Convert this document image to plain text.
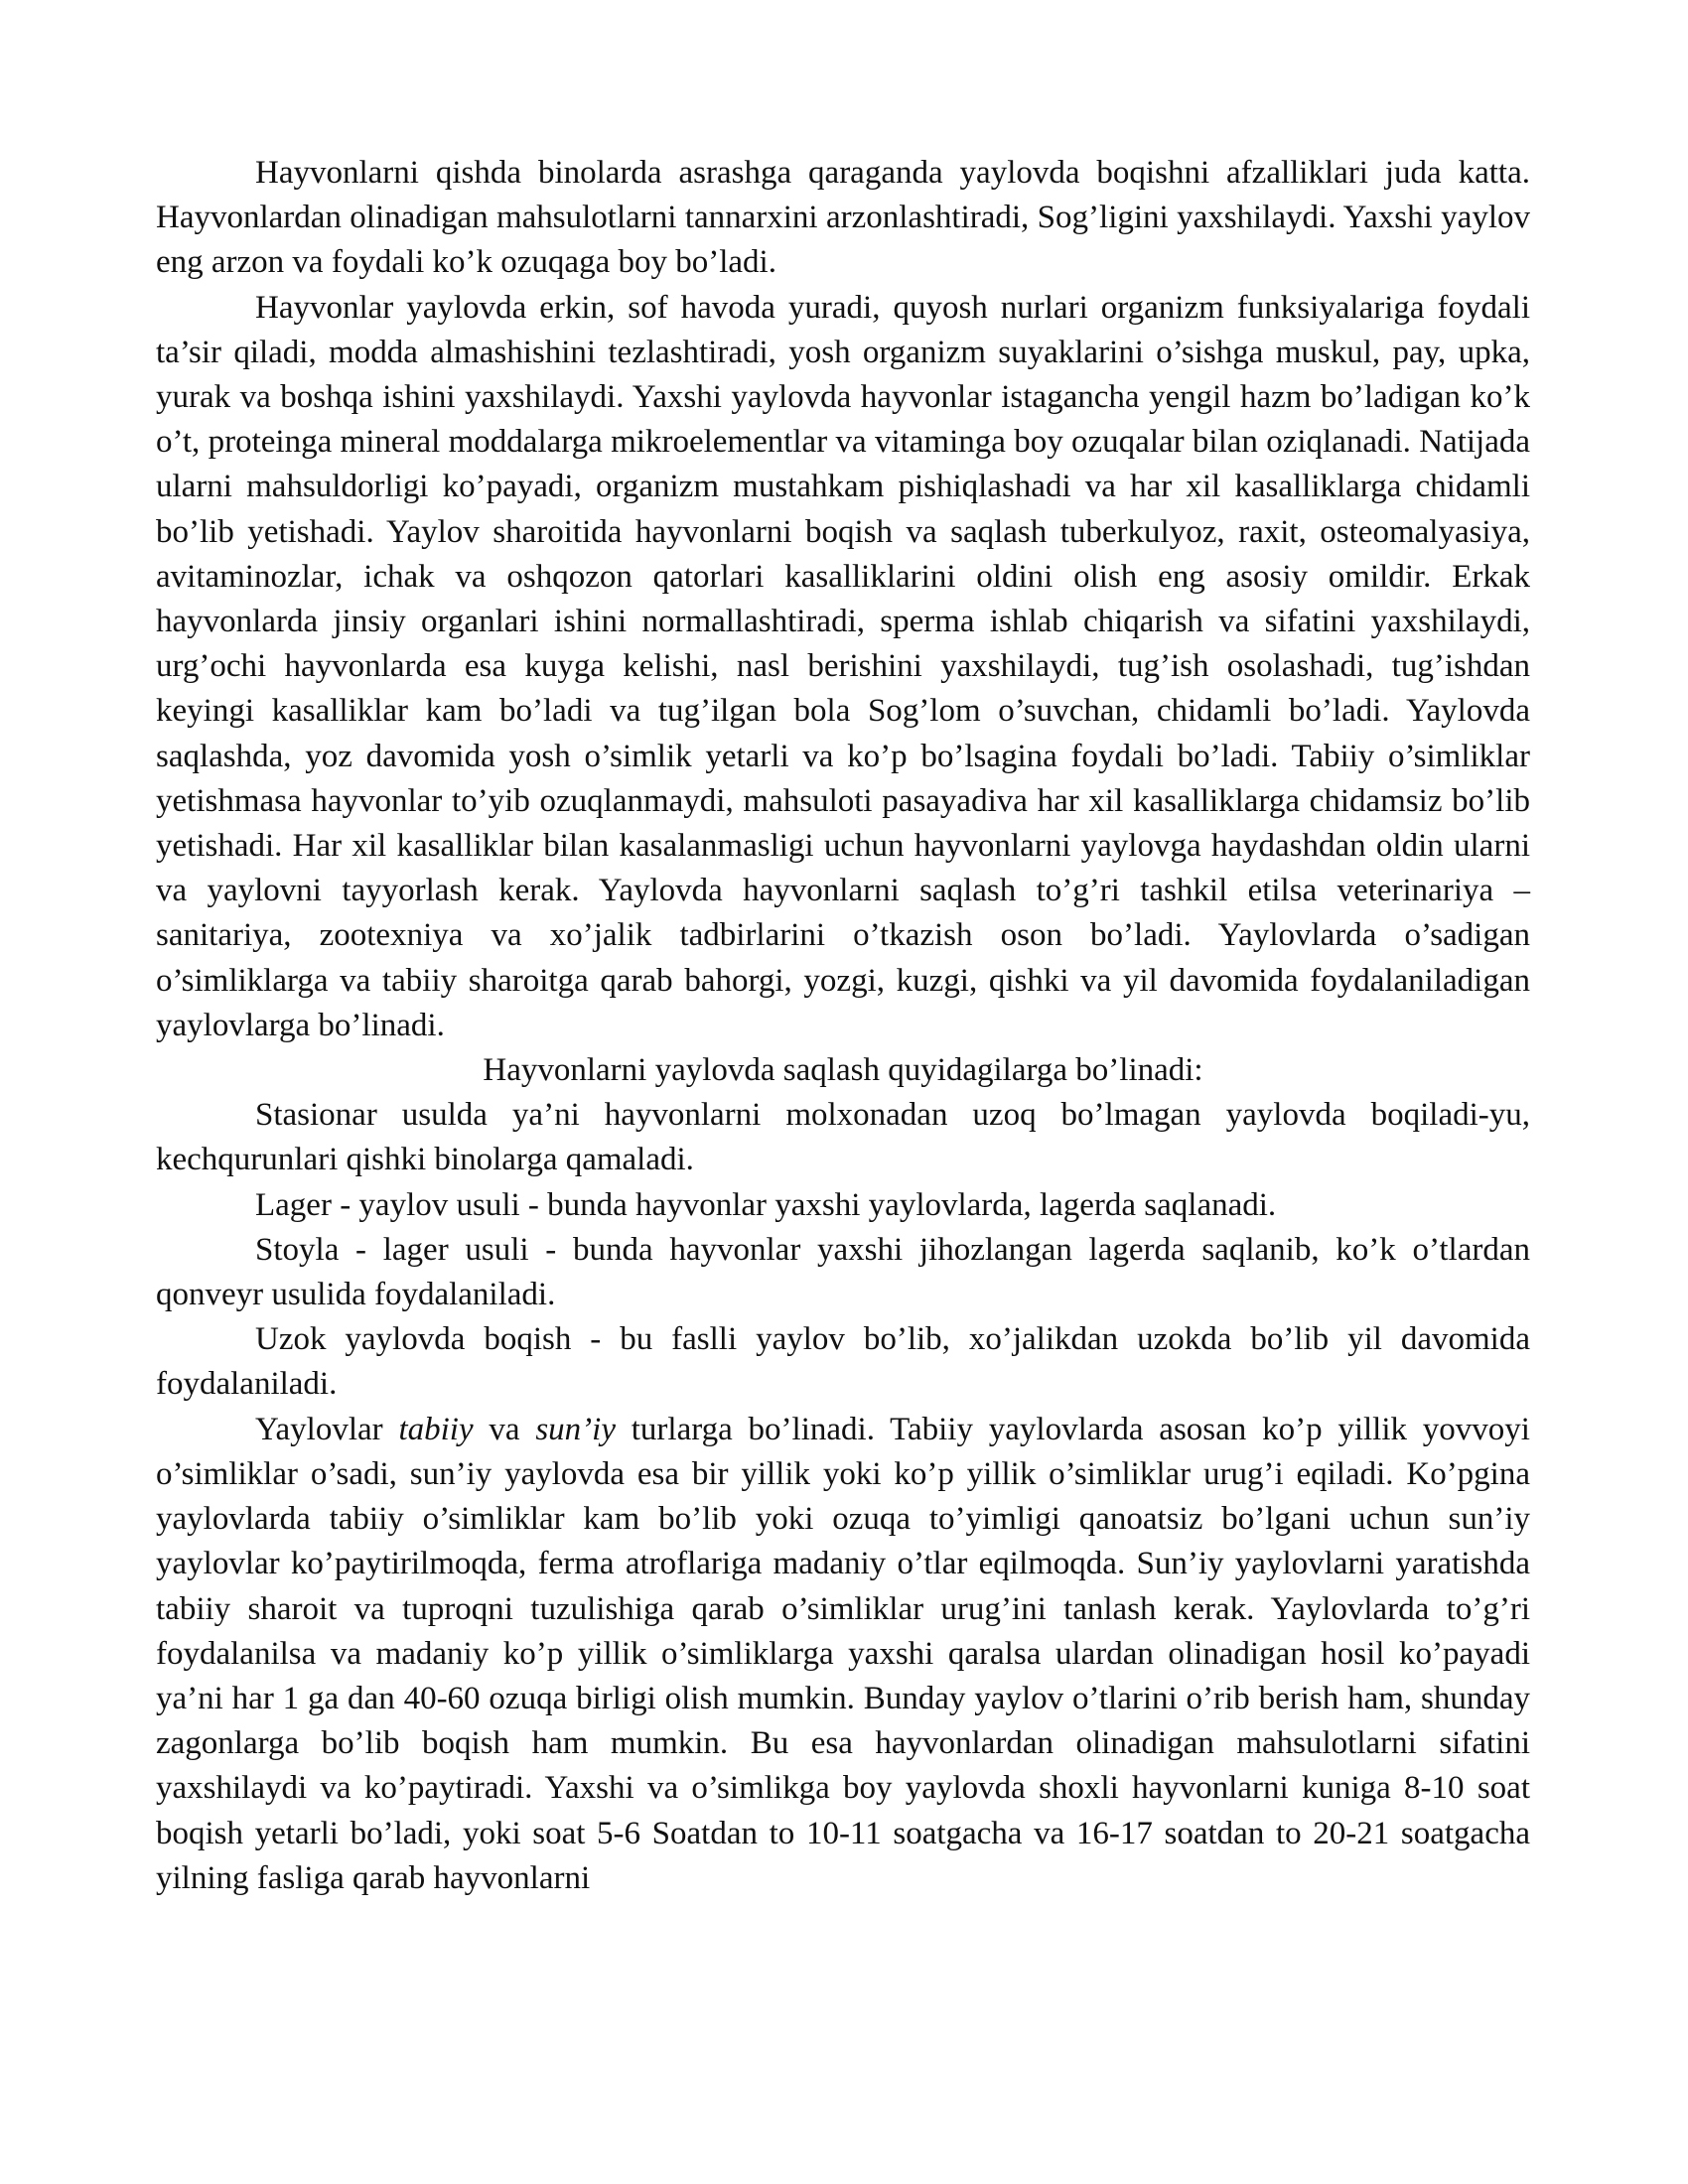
Hayvonlarni qishda binolarda asrashga qaraganda yaylovda boqishni afzalliklari juda katta. Hayvonlardan olinadigan mahsulotlarni tannarxini arzonlashtiradi, Sog’ligini yaxshilaydi. Yaxshi yaylov eng arzon va foydali ko’k ozuqaga boy bo’ladi.

Hayvonlar yaylovda erkin, sof havoda yuradi, quyosh nurlari organizm funksiyalariga foydali ta’sir qiladi, modda almashishini tezlashtiradi, yosh organizm suyaklarini o’sishga muskul, pay, upka, yurak va boshqa ishini yaxshilaydi. Yaxshi yaylovda hayvonlar istagancha yengil hazm bo’ladigan ko’k o’t, proteinga mineral moddalarga mikroelementlar va vitaminga boy ozuqalar bilan oziqlanadi. Natijada ularni mahsuldorligi ko’payadi, organizm mustahkam pishiqlashadi va har xil kasalliklarga chidamli bo’lib yetishadi. Yaylov sharoitida hayvonlarni boqish va saqlash tuberkulyoz, raxit, osteomalyasiya, avitaminozlar, ichak va oshqozon qatorlari kasalliklarini oldini olish eng asosiy omildir. Erkak hayvonlarda jinsiy organlari ishini normallashtiradi, sperma ishlab chiqarish va sifatini yaxshilaydi, urg’ochi hayvonlarda esa kuyga kelishi, nasl berishini yaxshilaydi, tug’ish osolashadi, tug’ishdan keyingi kasalliklar kam bo’ladi va tug’ilgan bola Sog’lom o’suvchan, chidamli bo’ladi. Yaylovda saqlashda, yoz davomida yosh o’simlik yetarli va ko’p bo’lsagina foydali bo’ladi. Tabiiy o’simliklar yetishmasa hayvonlar to’yib ozuqlanmaydi, mahsuloti pasayadiva har xil kasalliklarga chidamsiz bo’lib yetishadi. Har xil kasalliklar bilan kasalanmasligi uchun hayvonlarni yaylovga haydashdan oldin ularni va yaylovni tayyorlash kerak. Yaylovda hayvonlarni saqlash to’g’ri tashkil etilsa veterinariya – sanitariya, zootexniya va xo’jalik tadbirlarini o’tkazish oson bo’ladi. Yaylovlarda o’sadigan o’simliklarga va tabiiy sharoitga qarab bahorgi, yozgi, kuzgi, qishki va yil davomida foydalaniladigan yaylovlarga bo’linadi.

Hayvonlarni yaylovda saqlash quyidagilarga bo’linadi:

Stasionar usulda ya’ni hayvonlarni molxonadan uzoq bo’lmagan yaylovda boqiladi-yu, kechqurunlari qishki binolarga qamaladi.

Lager - yaylov usuli - bunda hayvonlar yaxshi yaylovlarda, lagerda saqlanadi.

Stoyla - lager usuli - bunda hayvonlar yaxshi jihozlangan lagerda saqlanib, ko’k o’tlardan qonveyr usulida foydalaniladi.

Uzok yaylovda boqish - bu faslli yaylov bo’lib, xo’jalikdan uzokda bo’lib yil davomida foydalaniladi.

Yaylovlar tabiiy va sun’iy turlarga bo’linadi. Tabiiy yaylovlarda asosan ko’p yillik yovvoyi o’simliklar o’sadi, sun’iy yaylovda esa bir yillik yoki ko’p yillik o’simliklar urug’i eqiladi. Ko’pgina yaylovlarda tabiiy o’simliklar kam bo’lib yoki ozuqa to’yimligi qanoatsiz bo’lgani uchun sun’iy yaylovlar ko’paytirilmoqda, ferma atroflariga madaniy o’tlar eqilmoqda. Sun’iy yaylovlarni yaratishda tabiiy sharoit va tuproqni tuzulishiga qarab o’simliklar urug’ini tanlash kerak. Yaylovlarda to’g’ri foydalanilsa va madaniy ko’p yillik o’simliklarga yaxshi qaralsa ulardan olinadigan hosil ko’payadi ya’ni har 1 ga dan 40-60 ozuqa birligi olish mumkin. Bunday yaylov o’tlarini o’rib berish ham, shunday zagonlarga bo’lib boqish ham mumkin. Bu esa hayvonlardan olinadigan mahsulotlarni sifatini yaxshilaydi va ko’paytiradi. Yaxshi va o’simlikga boy yaylovda shoxli hayvonlarni kuniga 8-10 soat boqish yetarli bo’ladi, yoki soat 5-6 Soatdan to 10-11 soatgacha va 16-17 soatdan to 20-21 soatgacha yilning fasliga qarab hayvonlarni
